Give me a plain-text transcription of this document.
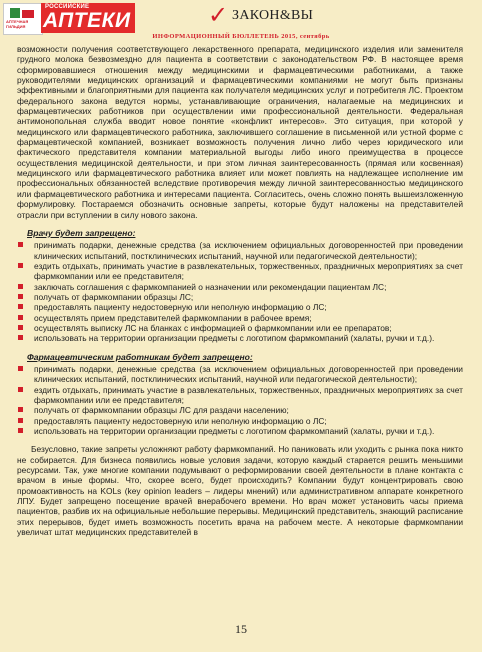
АПТЕЧНАЯ ГИЛЬДИЯ
РОССИЙСКИЕ
АПТЕКИ	✓ ЗАКОН&ВЫ
ИНФОРМАЦИОННЫЙ БЮЛЛЕТЕНЬ 2015, сентябрь

возможности получения соответствующего лекарственного препарата, медицинского изделия или заменителя грудного молока безвозмездно для пациента в соответствии с законодательством РФ. В настоящее время сформировавшиеся отношения между медицинскими и фармацевтическими работниками, а также руководителями медицинских организаций и фармацевтическими компаниями не могут быть признаны эффективными и благоприятными для пациента как получателя медицинских услуг и потребителя ЛС. Проектом федерального закона ведутся нормы, устанавливающие ограничения, налагаемые на медицинских и фармацевтических работников при осуществлении ими профессиональной деятельности. Федеральная антимонопольная служба вводит новое понятие «конфликт интересов». Это ситуация, при которой у медицинского или фармацевтического работника, заключившего соглашение в письменной или устной форме с фармацевтической компанией, возникает возможность получения лично либо через юридического или фактического представителя компании материальной выгоды либо иного преимущества в процессе осуществления медицинской деятельности, и при этом личная заинтересованность (прямая или косвенная) медицинского или фармацевтического работника влияет или может повлиять на надлежащее исполнение им профессиональных обязанностей вследствие противоречия между личной заинтересованностью медицинского или фармацевтического работника и интересами пациента. Согласитесь, очень сложно понять вышеизложенную формулировку. Постараемся обозначить основные запреты, которые будут наложены на представителей отрасли при вступлении в силу нового закона.

Врачу будет запрещено:
принимать подарки, денежные средства (за исключением официальных договоренностей при проведении клинических испытаний, постклинических испытаний, научной или педагогической деятельности);
ездить отдыхать, принимать участие в развлекательных, торжественных, праздничных мероприятиях за счет фармкомпании или ее представителя;
заключать соглашения с фармкомпанией о назначении или рекомендации пациентам ЛС;
получать от фармкомпании образцы ЛС;
предоставлять пациенту недостоверную или неполную информацию о ЛС;
осуществлять прием представителей фармкомпании в рабочее время;
осуществлять выписку ЛС на бланках с информацией о фармкомпании или ее препаратов;
использовать на территории организации предметы с логотипом фармкомпаний (халаты, ручки и т.д.).
Фармацевтическим работникам будет запрещено:
принимать подарки, денежные средства (за исключением официальных договоренностей при проведении клинических испытаний, постклинических испытаний, научной или педагогической деятельности);
ездить отдыхать, принимать участие в развлекательных, торжественных, праздничных мероприятиях за счет фармкомпании или ее представителя;
получать от фармкомпании образцы ЛС для раздачи населению;
предоставлять пациенту недостоверную или неполную информацию о ЛС;
использовать на территории организации предметы с логотипом фармкомпаний (халаты, ручки и т.д.).

Безусловно, такие запреты усложняют работу фармкомпаний. Но паниковать или уходить с рынка пока никто не собирается. Для бизнеса появились новые условия задачи, которую каждый старается решить меньшими ресурсами. Так, уже многие компании подумывают о реформировании своей деятельности в плане контакта с врачом в иные формы. Что, скорее всего, будет происходить? Компании будут концентрировать свою промоактивность на KOLs (key opinion leaders – лидеры мнений) или административном аппарате конкретного ЛПУ. Будет запрещено посещение врачей внерабочего времени. Но врач может установить часы приема пациентов, разбив их на официальные небольшие перерывы. Медицинский представитель, знающий расписание этих перерывов, будет иметь возможность посетить врача на рабочем месте. А некоторые фармкомпании увеличат штат медицинских представителей в

15
